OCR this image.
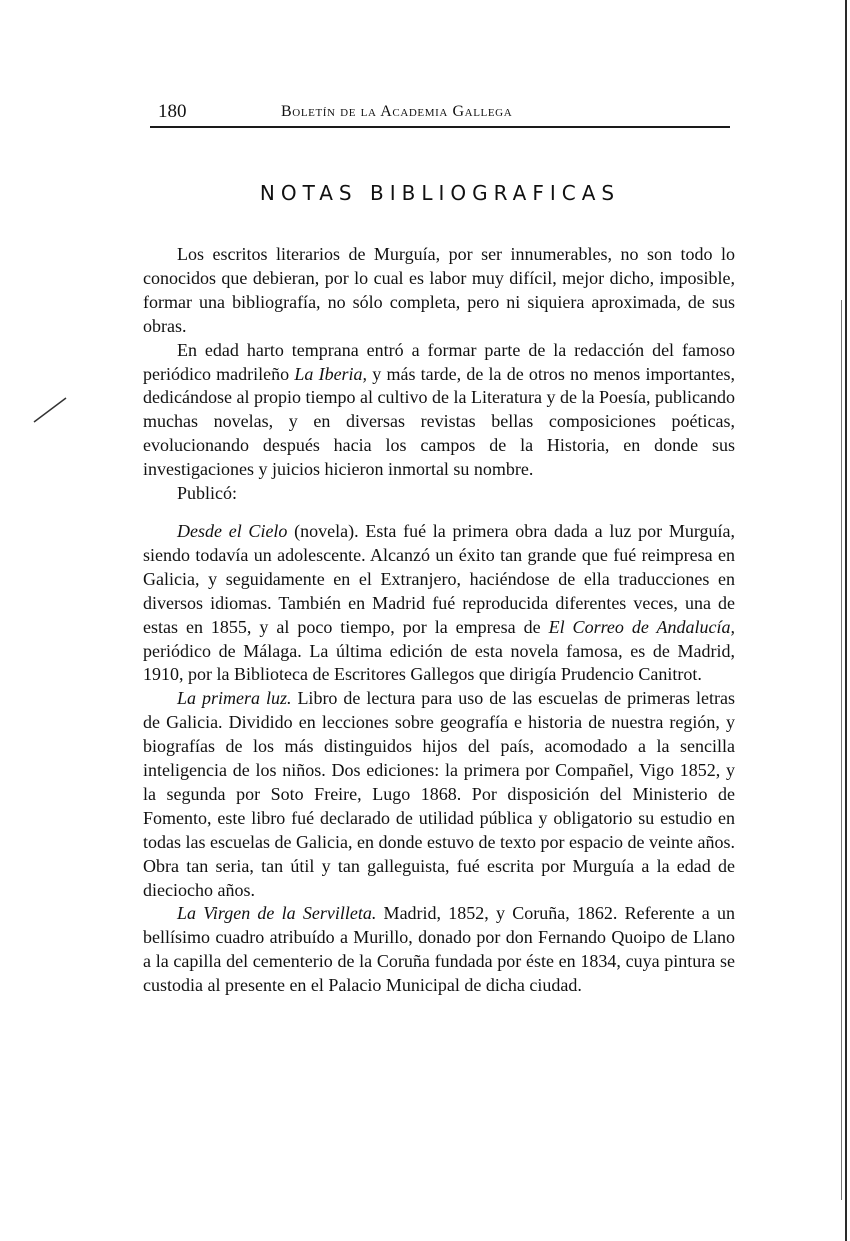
180	Boletín de la Academia Gallega
NOTAS BIBLIOGRAFICAS

Los escritos literarios de Murguía, por ser innumerables, no son todo lo conocidos que debieran, por lo cual es labor muy difícil, mejor dicho, imposible, formar una bibliografía, no sólo completa, pero ni siquiera aproximada, de sus obras.

En edad harto temprana entró a formar parte de la redacción del famoso periódico madrileño La Iberia, y más tarde, de la de otros no menos importantes, dedicándose al propio tiempo al cultivo de la Literatura y de la Poesía, publicando muchas novelas, y en diversas revistas bellas composiciones poéticas, evolucionando después hacia los campos de la Historia, en donde sus investigaciones y juicios hicieron inmortal su nombre.

Publicó:

Desde el Cielo (novela). Esta fué la primera obra dada a luz por Murguía, siendo todavía un adolescente. Alcanzó un éxito tan grande que fué reimpresa en Galicia, y seguidamente en el Extranjero, haciéndose de ella traducciones en diversos idiomas. También en Madrid fué reproducida diferentes veces, una de estas en 1855, y al poco tiempo, por la empresa de El Correo de Andalucía, periódico de Málaga. La última edición de esta novela famosa, es de Madrid, 1910, por la Biblioteca de Escritores Gallegos que dirigía Prudencio Canitrot.

La primera luz. Libro de lectura para uso de las escuelas de primeras letras de Galicia. Dividido en lecciones sobre geografía e historia de nuestra región, y biografías de los más distinguidos hijos del país, acomodado a la sencilla inteligencia de los niños. Dos ediciones: la primera por Compañel, Vigo 1852, y la segunda por Soto Freire, Lugo 1868. Por disposición del Ministerio de Fomento, este libro fué declarado de utilidad pública y obligatorio su estudio en todas las escuelas de Galicia, en donde estuvo de texto por espacio de veinte años. Obra tan seria, tan útil y tan galleguista, fué escrita por Murguía a la edad de dieciocho años.

La Virgen de la Servilleta. Madrid, 1852, y Coruña, 1862. Referente a un bellísimo cuadro atribuído a Murillo, donado por don Fernando Quoipo de Llano a la capilla del cementerio de la Coruña fundada por éste en 1834, cuya pintura se custodia al presente en el Palacio Municipal de dicha ciudad.
